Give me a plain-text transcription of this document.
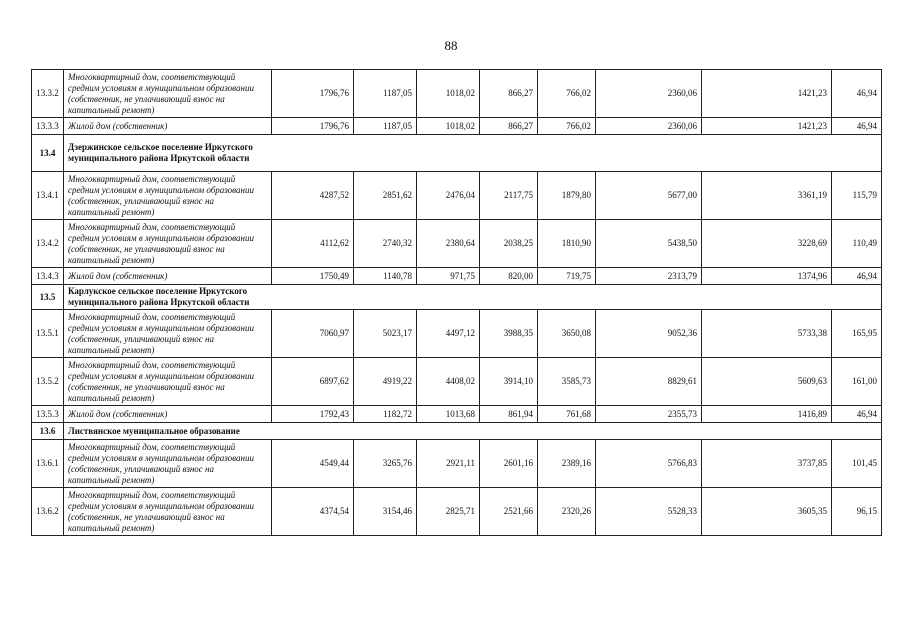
88
13.3.2	Многоквартирный дом, соответствующий средним условиям в муниципальном образовании (собственник, не уплачивающий взнос на капитальный ремонт)	1796,76	1187,05	1018,02	866,27	766,02	2360,06	1421,23	46,94
13.3.3	Жилой дом (собственник)	1796,76	1187,05	1018,02	866,27	766,02	2360,06	1421,23	46,94
13.4	Дзержинское сельское поселение Иркутского муниципального района Иркутской области								

13.4.1	Многоквартирный дом, соответствующий средним условиям в муниципальном образовании (собственник, уплачивающий взнос на капитальный ремонт)	4287,52	2851,62	2476,04	2117,75	1879,80	5677,00	3361,19	115,79
13.4.2	Многоквартирный дом, соответствующий средним условиям в муниципальном образовании (собственник, не уплачивающий взнос на капитальный ремонт)	4112,62	2740,32	2380,64	2038,25	1810,90	5438,50	3228,69	110,49
13.4.3	Жилой дом (собственник)	1750,49	1140,78	971,75	820,00	719,75	2313,79	1374,96	46,94
13.5	Карлукское сельское поселение Иркутского муниципального района Иркутской области								

13.5.1	Многоквартирный дом, соответствующий средним условиям в муниципальном образовании (собственник, уплачивающий взнос на капитальный ремонт)	7060,97	5023,17	4497,12	3988,35	3650,08	9052,36	5733,38	165,95
13.5.2	Многоквартирный дом, соответствующий средним условиям в муниципальном образовании (собственник, не уплачивающий взнос на капитальный ремонт)	6897,62	4919,22	4408,02	3914,10	3585,73	8829,61	5609,63	161,00
13.5.3	Жилой дом (собственник)	1792,43	1182,72	1013,68	861,94	761,68	2355,73	1416,89	46,94
13.6	Листвянское муниципальное образование								
13.6.1	Многоквартирный дом, соответствующий средним условиям в муниципальном образовании (собственник, уплачивающий взнос на капитальный ремонт)	4549,44	3265,76	2921,11	2601,16	2389,16	5766,83	3737,85	101,45
13.6.2	Многоквартирный дом, соответствующий средним условиям в муниципальном образовании (собственник, не уплачивающий взнос на капитальный ремонт)	4374,54	3154,46	2825,71	2521,66	2320,26	5528,33	3605,35	96,15
